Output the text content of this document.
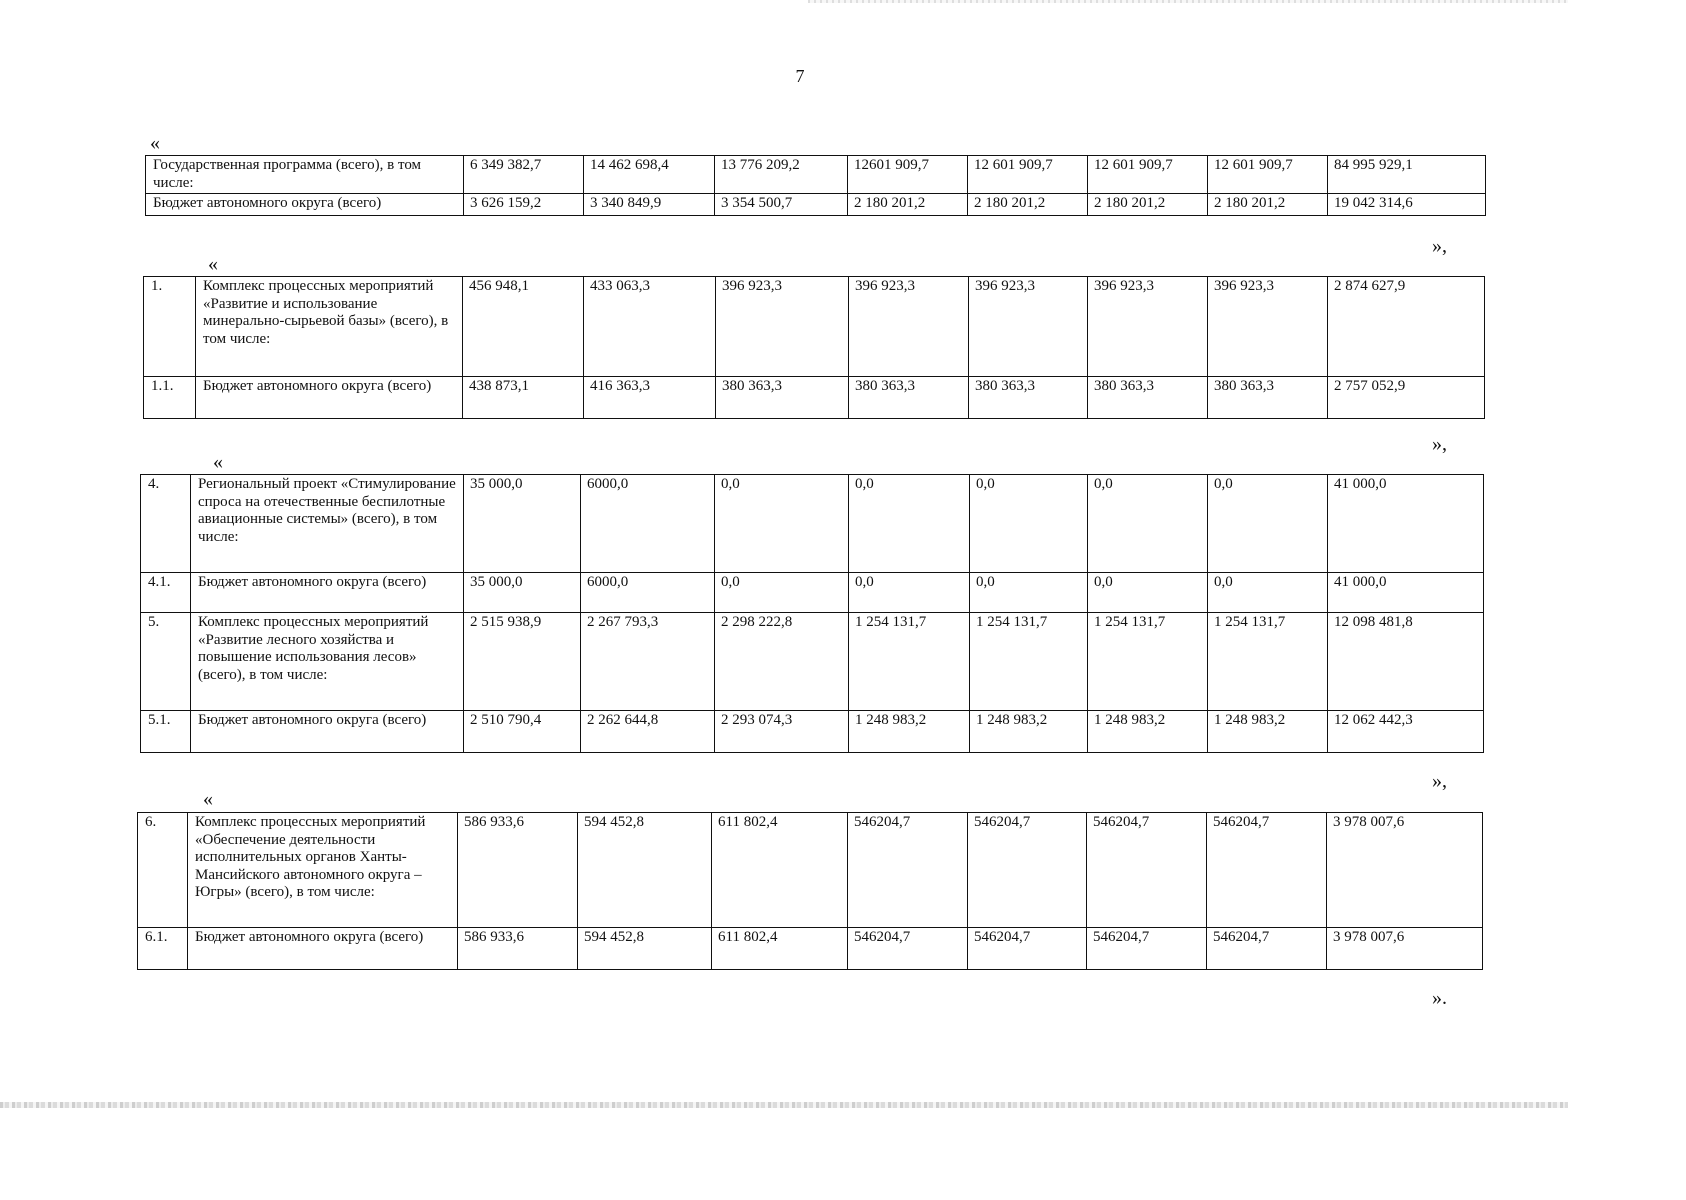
7
«
Государственная программа (всего), в том числе:	6 349 382,7	14 462 698,4	13 776 209,2	12601 909,7	12 601 909,7	12 601 909,7	12 601 909,7	84 995 929,1
Бюджет автономного округа (всего)	3 626 159,2	3 340 849,9	3 354 500,7	2 180 201,2	2 180 201,2	2 180 201,2	2 180 201,2	19 042 314,6
»,
«
1.	Комплекс процессных мероприятий «Развитие и использование минерально-сырьевой базы» (всего), в том числе:	456 948,1	433 063,3	396 923,3	396 923,3	396 923,3	396 923,3	396 923,3	2 874 627,9
1.1.	Бюджет автономного округа (всего)	438 873,1	416 363,3	380 363,3	380 363,3	380 363,3	380 363,3	380 363,3	2 757 052,9
»,
«
4.	Региональный проект «Стимулирование спроса на отечественные беспилотные авиационные системы» (всего), в том числе:	35 000,0	6000,0	0,0	0,0	0,0	0,0	0,0	41 000,0
4.1.	Бюджет автономного округа (всего)	35 000,0	6000,0	0,0	0,0	0,0	0,0	0,0	41 000,0
5.	Комплекс процессных мероприятий «Развитие лесного хозяйства и повышение использования лесов» (всего), в том числе:	2 515 938,9	2 267 793,3	2 298 222,8	1 254 131,7	1 254 131,7	1 254 131,7	1 254 131,7	12 098 481,8
5.1.	Бюджет автономного округа (всего)	2 510 790,4	2 262 644,8	2 293 074,3	1 248 983,2	1 248 983,2	1 248 983,2	1 248 983,2	12 062 442,3
»,
«
6.	Комплекс процессных мероприятий «Обеспечение деятельности исполнительных органов Ханты-Мансийского автономного округа – Югры» (всего), в том числе:	586 933,6	594 452,8	611 802,4	546204,7	546204,7	546204,7	546204,7	3 978 007,6
6.1.	Бюджет автономного округа (всего)	586 933,6	594 452,8	611 802,4	546204,7	546204,7	546204,7	546204,7	3 978 007,6
».
